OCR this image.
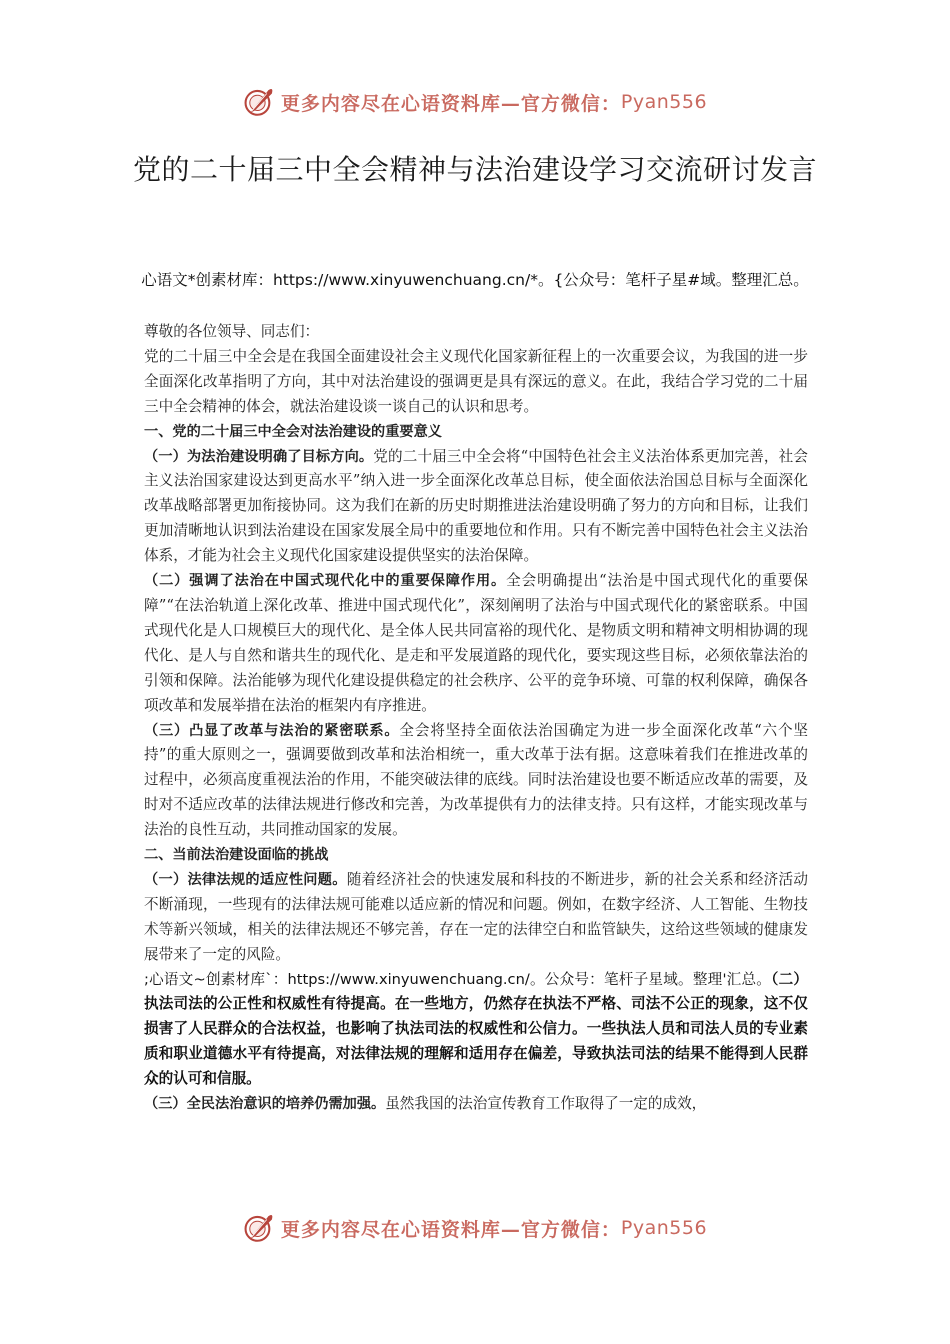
更多内容尽在心语资料库—官方微信： Pyan556
党的二十届三中全会精神与法治建设学习交流研讨发言
心语文*创素材库：https://www.xinyuwenchuang.cn/*。{公众号：笔杆子星#域。整理汇总。

尊敬的各位领导、同志们：

党的二十届三中全会是在我国全面建设社会主义现代化国家新征程上的一次重要会议，为我国的进一步全面深化改革指明了方向，其中对法治建设的强调更是具有深远的意义。在此，我结合学习党的二十届三中全会精神的体会，就法治建设谈一谈自己的认识和思考。

一、党的二十届三中全会对法治建设的重要意义

（一）为法治建设明确了目标方向。党的二十届三中全会将“中国特色社会主义法治体系更加完善，社会主义法治国家建设达到更高水平”纳入进一步全面深化改革总目标，使全面依法治国总目标与全面深化改革战略部署更加衔接协同。这为我们在新的历史时期推进法治建设明确了努力的方向和目标，让我们更加清晰地认识到法治建设在国家发展全局中的重要地位和作用。只有不断完善中国特色社会主义法治体系，才能为社会主义现代化国家建设提供坚实的法治保障。

（二）强调了法治在中国式现代化中的重要保障作用。全会明确提出“法治是中国式现代化的重要保障”“在法治轨道上深化改革、推进中国式现代化”，深刻阐明了法治与中国式现代化的紧密联系。中国式现代化是人口规模巨大的现代化、是全体人民共同富裕的现代化、是物质文明和精神文明相协调的现代化、是人与自然和谐共生的现代化、是走和平发展道路的现代化，要实现这些目标，必须依靠法治的引领和保障。法治能够为现代化建设提供稳定的社会秩序、公平的竞争环境、可靠的权利保障，确保各项改革和发展举措在法治的框架内有序推进。

（三）凸显了改革与法治的紧密联系。全会将坚持全面依法治国确定为进一步全面深化改革“六个坚持”的重大原则之一，强调要做到改革和法治相统一，重大改革于法有据。这意味着我们在推进改革的过程中，必须高度重视法治的作用，不能突破法律的底线。同时法治建设也要不断适应改革的需要，及时对不适应改革的法律法规进行修改和完善，为改革提供有力的法律支持。只有这样，才能实现改革与法治的良性互动，共同推动国家的发展。

二、当前法治建设面临的挑战

（一）法律法规的适应性问题。随着经济社会的快速发展和科技的不断进步，新的社会关系和经济活动不断涌现，一些现有的法律法规可能难以适应新的情况和问题。例如，在数字经济、人工智能、生物技术等新兴领域，相关的法律法规还不够完善，存在一定的法律空白和监管缺失，这给这些领域的健康发展带来了一定的风险。

;心语文~创素材库`：https://www.xinyuwenchuang.cn/。公众号：笔杆子星域。整理'汇总。（二）执法司法的公正性和权威性有待提高。在一些地方，仍然存在执法不严格、司法不公正的现象，这不仅损害了人民群众的合法权益，也影响了执法司法的权威性和公信力。一些执法人员和司法人员的专业素质和职业道德水平有待提高，对法律法规的理解和适用存在偏差，导致执法司法的结果不能得到人民群众的认可和信服。

（三）全民法治意识的培养仍需加强。虽然我国的法治宣传教育工作取得了一定的成效，

更多内容尽在心语资料库—官方微信： Pyan556
